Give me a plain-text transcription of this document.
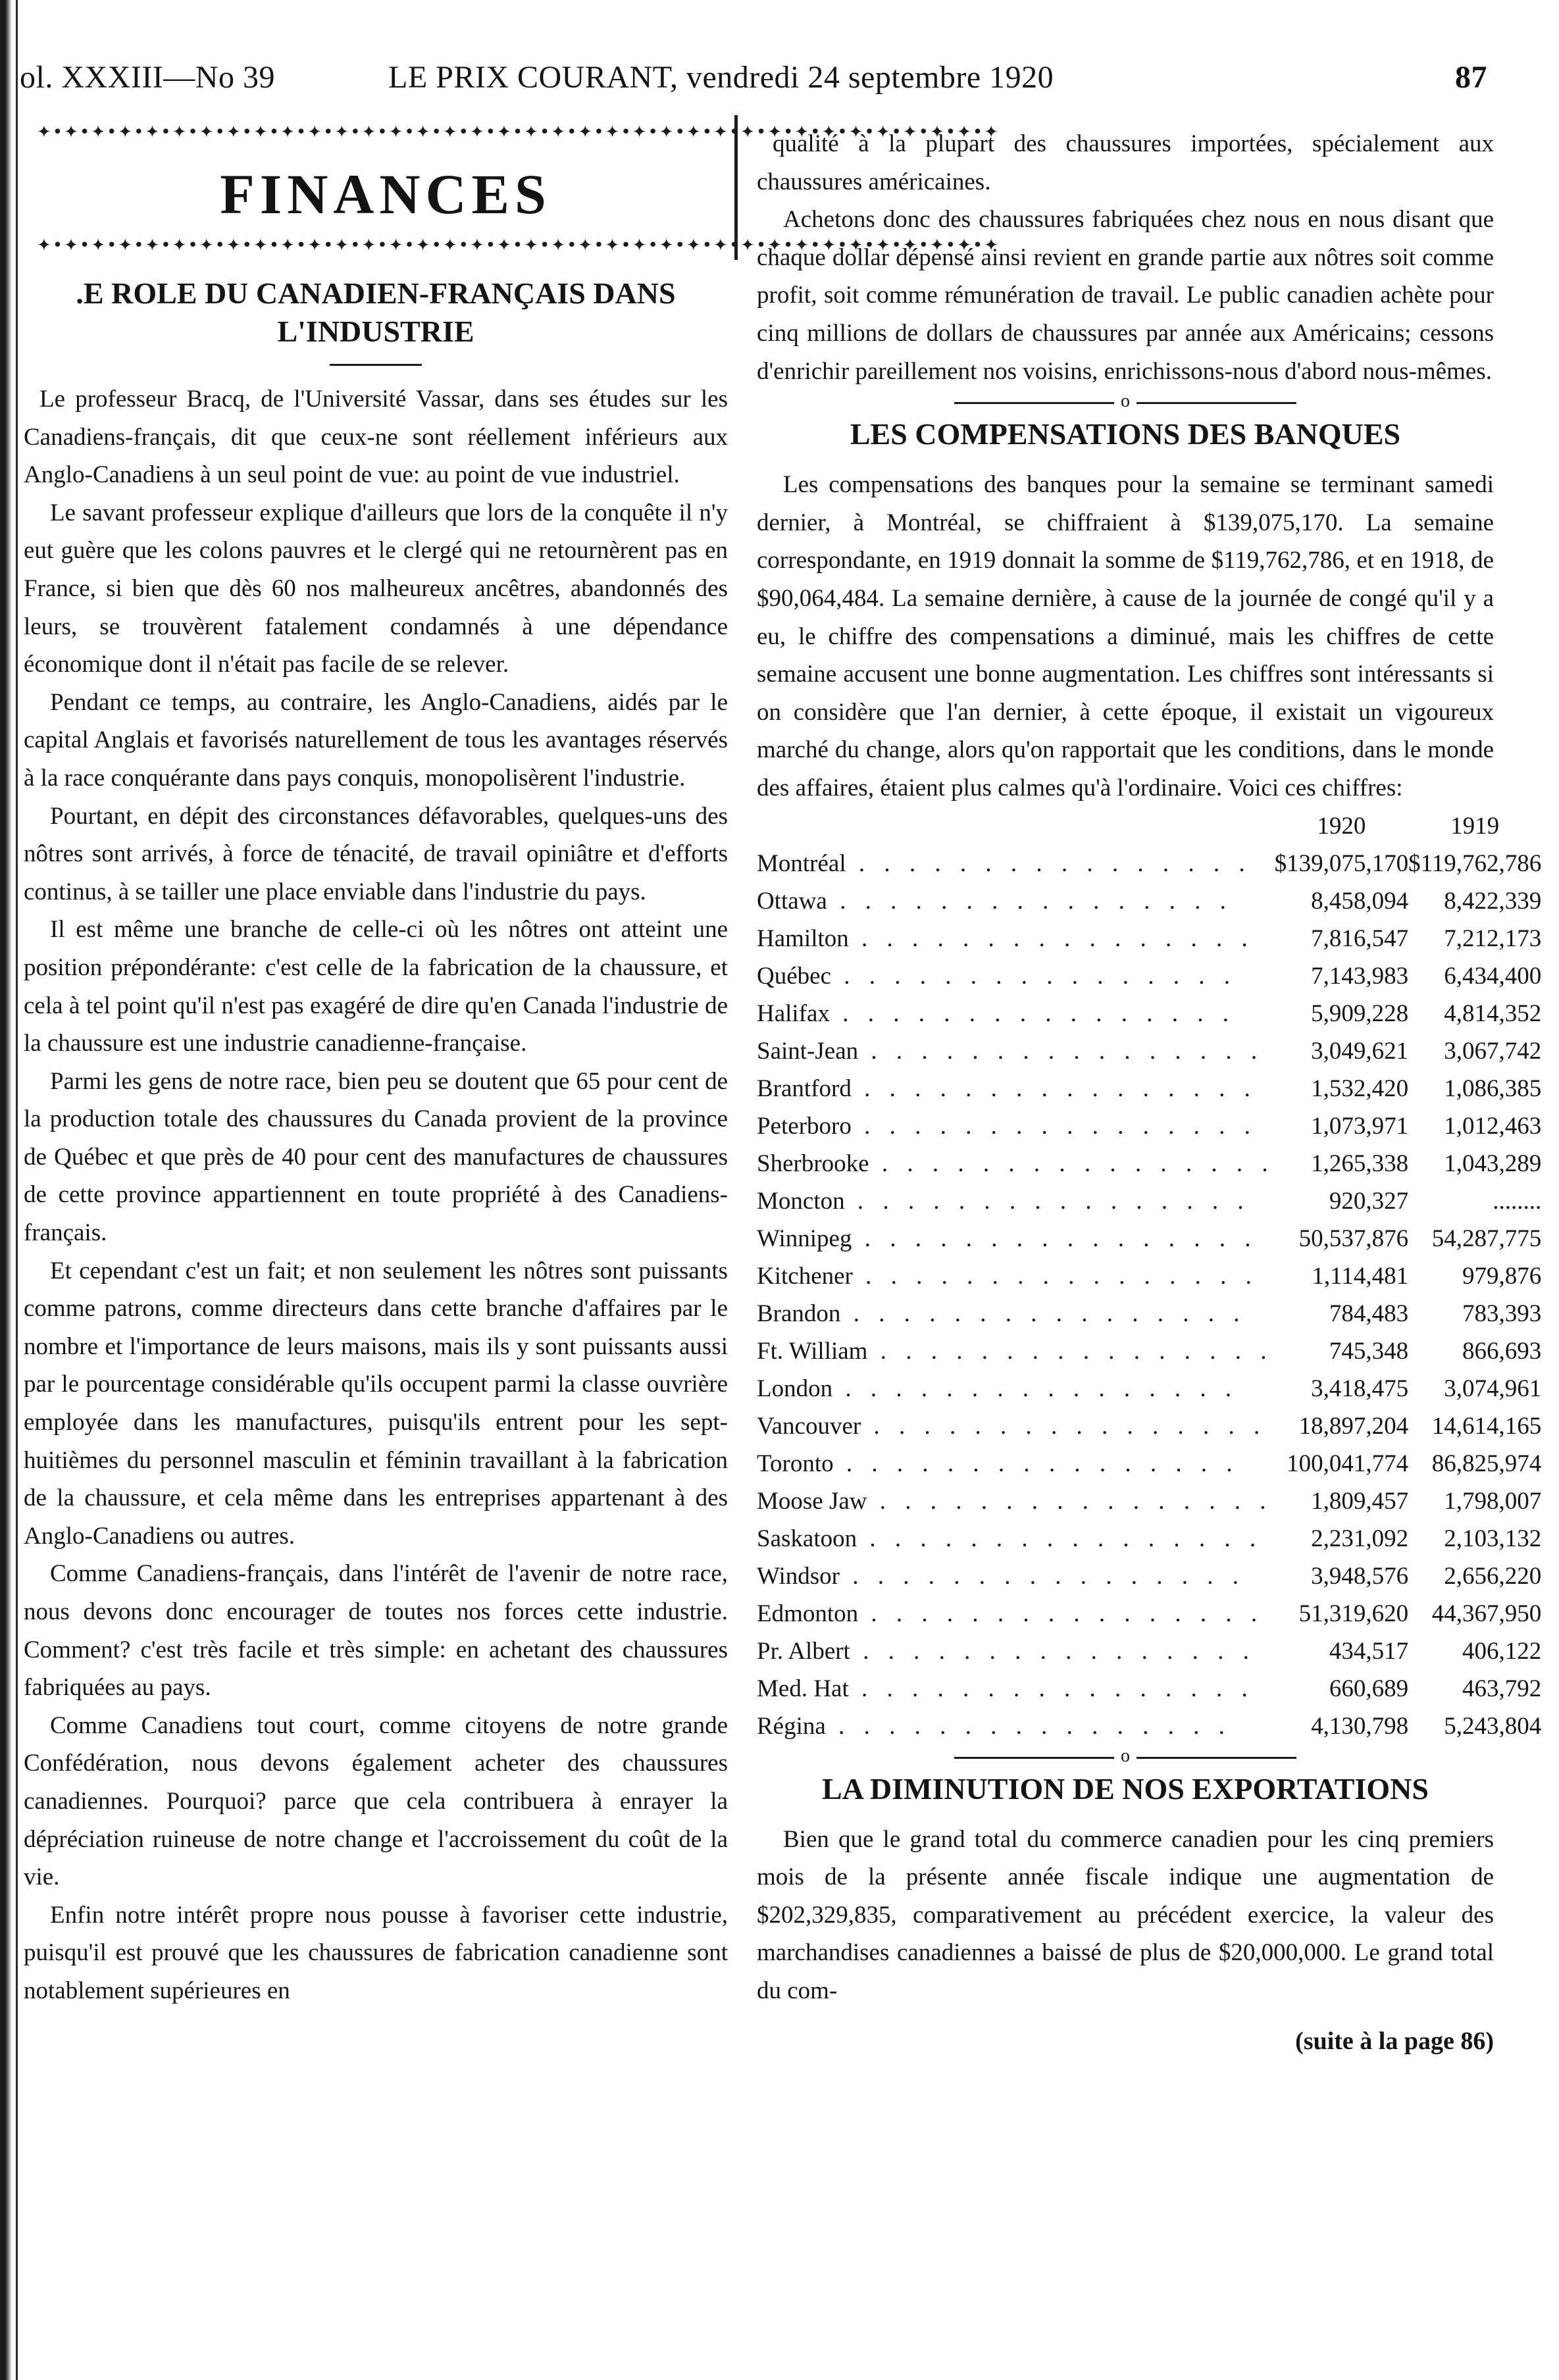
ol. XXXIII—No 39	LE PRIX COURANT, vendredi 24 septembre 1920	87
✦•✦•✦•✦•✦•✦•✦•✦•✦•✦•✦•✦•✦•✦•✦•✦•✦•✦•✦•✦•✦•✦•✦•✦•✦•✦•✦•✦•✦•✦•✦•✦•✦•✦•✦•✦
FINANCES
✦•✦•✦•✦•✦•✦•✦•✦•✦•✦•✦•✦•✦•✦•✦•✦•✦•✦•✦•✦•✦•✦•✦•✦•✦•✦•✦•✦•✦•✦•✦•✦•✦•✦•✦•✦
.E ROLE DU CANADIEN-FRANÇAIS DANS L'INDUSTRIE

Le professeur Bracq, de l'Université Vassar, dans ses études sur les Canadiens-français, dit que ceux-ne sont réellement inférieurs aux Anglo-Canadiens à un seul point de vue: au point de vue industriel.

Le savant professeur explique d'ailleurs que lors de la conquête il n'y eut guère que les colons pauvres et le clergé qui ne retournèrent pas en France, si bien que dès 60 nos malheureux ancêtres, abandonnés des leurs, se trouvèrent fatalement condamnés à une dépendance économique dont il n'était pas facile de se relever.

Pendant ce temps, au contraire, les Anglo-Canadiens, aidés par le capital Anglais et favorisés naturellement de tous les avantages réservés à la race conquérante dans pays conquis, monopolisèrent l'industrie.

Pourtant, en dépit des circonstances défavorables, quelques-uns des nôtres sont arrivés, à force de ténacité, de travail opiniâtre et d'efforts continus, à se tailler une place enviable dans l'industrie du pays.

Il est même une branche de celle-ci où les nôtres ont atteint une position prépondérante: c'est celle de la fabrication de la chaussure, et cela à tel point qu'il n'est pas exagéré de dire qu'en Canada l'industrie de la chaussure est une industrie canadienne-française.

Parmi les gens de notre race, bien peu se doutent que 65 pour cent de la production totale des chaussures du Canada provient de la province de Québec et que près de 40 pour cent des manufactures de chaussures de cette province appartiennent en toute propriété à des Canadiens-français.

Et cependant c'est un fait; et non seulement les nôtres sont puissants comme patrons, comme directeurs dans cette branche d'affaires par le nombre et l'importance de leurs maisons, mais ils y sont puissants aussi par le pourcentage considérable qu'ils occupent parmi la classe ouvrière employée dans les manufactures, puisqu'ils entrent pour les sept-huitièmes du personnel masculin et féminin travaillant à la fabrication de la chaussure, et cela même dans les entreprises appartenant à des Anglo-Canadiens ou autres.

Comme Canadiens-français, dans l'intérêt de l'avenir de notre race, nous devons donc encourager de toutes nos forces cette industrie. Comment? c'est très facile et très simple: en achetant des chaussures fabriquées au pays.

Comme Canadiens tout court, comme citoyens de notre grande Confédération, nous devons également acheter des chaussures canadiennes. Pourquoi? parce que cela contribuera à enrayer la dépréciation ruineuse de notre change et l'accroissement du coût de la vie.

Enfin notre intérêt propre nous pousse à favoriser cette industrie, puisqu'il est prouvé que les chaussures de fabrication canadienne sont notablement supérieures en

qualité à la plupart des chaussures importées, spécialement aux chaussures américaines.

Achetons donc des chaussures fabriquées chez nous en nous disant que chaque dollar dépensé ainsi revient en grande partie aux nôtres soit comme profit, soit comme rémunération de travail. Le public canadien achète pour cinq millions de dollars de chaussures par année aux Américains; cessons d'enrichir pareillement nos voisins, enrichissons-nous d'abord nous-mêmes.

o
LES COMPENSATIONS DES BANQUES

Les compensations des banques pour la semaine se terminant samedi dernier, à Montréal, se chiffraient à $139,075,170. La semaine correspondante, en 1919 donnait la somme de $119,762,786, et en 1918, de $90,064,484. La semaine dernière, à cause de la journée de congé qu'il y a eu, le chiffre des compensations a diminué, mais les chiffres de cette semaine accusent une bonne augmentation. Les chiffres sont intéressants si on considère que l'an dernier, à cette époque, il existait un vigoureux marché du change, alors qu'on rapportait que les conditions, dans le monde des affaires, étaient plus calmes qu'à l'ordinaire. Voici ces chiffres:

	1920	1919
Montréal . . . . . . . . . . . . . . . .	$139,075,170	$119,762,786
Ottawa . . . . . . . . . . . . . . . .	8,458,094	8,422,339
Hamilton . . . . . . . . . . . . . . . .	7,816,547	7,212,173
Québec . . . . . . . . . . . . . . . .	7,143,983	6,434,400
Halifax . . . . . . . . . . . . . . . .	5,909,228	4,814,352
Saint-Jean . . . . . . . . . . . . . . . .	3,049,621	3,067,742
Brantford . . . . . . . . . . . . . . . .	1,532,420	1,086,385
Peterboro . . . . . . . . . . . . . . . .	1,073,971	1,012,463
Sherbrooke . . . . . . . . . . . . . . . .	1,265,338	1,043,289
Moncton . . . . . . . . . . . . . . . .	920,327	........
Winnipeg . . . . . . . . . . . . . . . .	50,537,876	54,287,775
Kitchener . . . . . . . . . . . . . . . .	1,114,481	979,876
Brandon . . . . . . . . . . . . . . . .	784,483	783,393
Ft. William . . . . . . . . . . . . . . . .	745,348	866,693
London . . . . . . . . . . . . . . . .	3,418,475	3,074,961
Vancouver . . . . . . . . . . . . . . . .	18,897,204	14,614,165
Toronto . . . . . . . . . . . . . . . .	100,041,774	86,825,974
Moose Jaw . . . . . . . . . . . . . . . .	1,809,457	1,798,007
Saskatoon . . . . . . . . . . . . . . . .	2,231,092	2,103,132
Windsor . . . . . . . . . . . . . . . .	3,948,576	2,656,220
Edmonton . . . . . . . . . . . . . . . .	51,319,620	44,367,950
Pr. Albert . . . . . . . . . . . . . . . .	434,517	406,122
Med. Hat . . . . . . . . . . . . . . . .	660,689	463,792
Régina . . . . . . . . . . . . . . . .	4,130,798	5,243,804
o
LA DIMINUTION DE NOS EXPORTATIONS

Bien que le grand total du commerce canadien pour les cinq premiers mois de la présente année fiscale indique une augmentation de $202,329,835, comparativement au précédent exercice, la valeur des marchandises canadiennes a baissé de plus de $20,000,000. Le grand total du com-

(suite à la page 86)
